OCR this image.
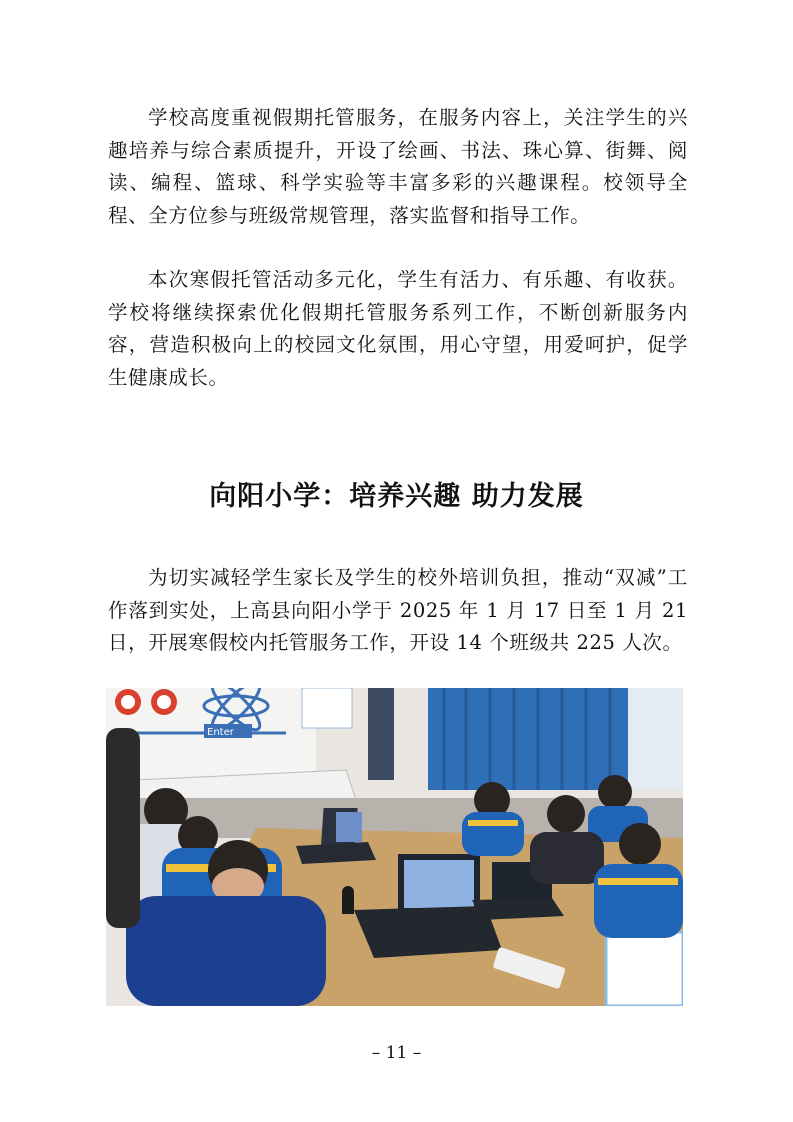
学校高度重视假期托管服务，在服务内容上，关注学生的兴趣培养与综合素质提升，开设了绘画、书法、珠心算、街舞、阅读、编程、篮球、科学实验等丰富多彩的兴趣课程。校领导全程、全方位参与班级常规管理，落实监督和指导工作。

本次寒假托管活动多元化，学生有活力、有乐趣、有收获。学校将继续探索优化假期托管服务系列工作，不断创新服务内容，营造积极向上的校园文化氛围，用心守望，用爱呵护，促学生健康成长。

向阳小学：培养兴趣 助力发展

为切实减轻学生家长及学生的校外培训负担，推动“双减”工作落到实处，上高县向阳小学于 2025 年 1 月 17 日至 1 月 21 日，开展寒假校内托管服务工作，开设 14 个班级共 225 人次。

Enter
– 11 –
